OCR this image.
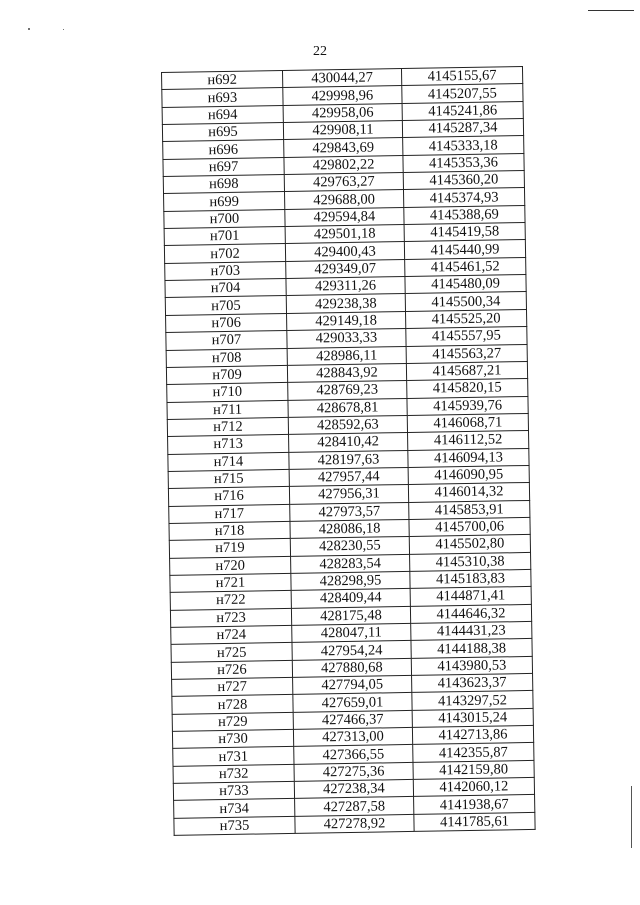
22
н692	430044,27	4145155,67
н693	429998,96	4145207,55
н694	429958,06	4145241,86
н695	429908,11	4145287,34
н696	429843,69	4145333,18
н697	429802,22	4145353,36
н698	429763,27	4145360,20
н699	429688,00	4145374,93
н700	429594,84	4145388,69
н701	429501,18	4145419,58
н702	429400,43	4145440,99
н703	429349,07	4145461,52
н704	429311,26	4145480,09
н705	429238,38	4145500,34
н706	429149,18	4145525,20
н707	429033,33	4145557,95
н708	428986,11	4145563,27
н709	428843,92	4145687,21
н710	428769,23	4145820,15
н711	428678,81	4145939,76
н712	428592,63	4146068,71
н713	428410,42	4146112,52
н714	428197,63	4146094,13
н715	427957,44	4146090,95
н716	427956,31	4146014,32
н717	427973,57	4145853,91
н718	428086,18	4145700,06
н719	428230,55	4145502,80
н720	428283,54	4145310,38
н721	428298,95	4145183,83
н722	428409,44	4144871,41
н723	428175,48	4144646,32
н724	428047,11	4144431,23
н725	427954,24	4144188,38
н726	427880,68	4143980,53
н727	427794,05	4143623,37
н728	427659,01	4143297,52
н729	427466,37	4143015,24
н730	427313,00	4142713,86
н731	427366,55	4142355,87
н732	427275,36	4142159,80
н733	427238,34	4142060,12
н734	427287,58	4141938,67
н735	427278,92	4141785,61
